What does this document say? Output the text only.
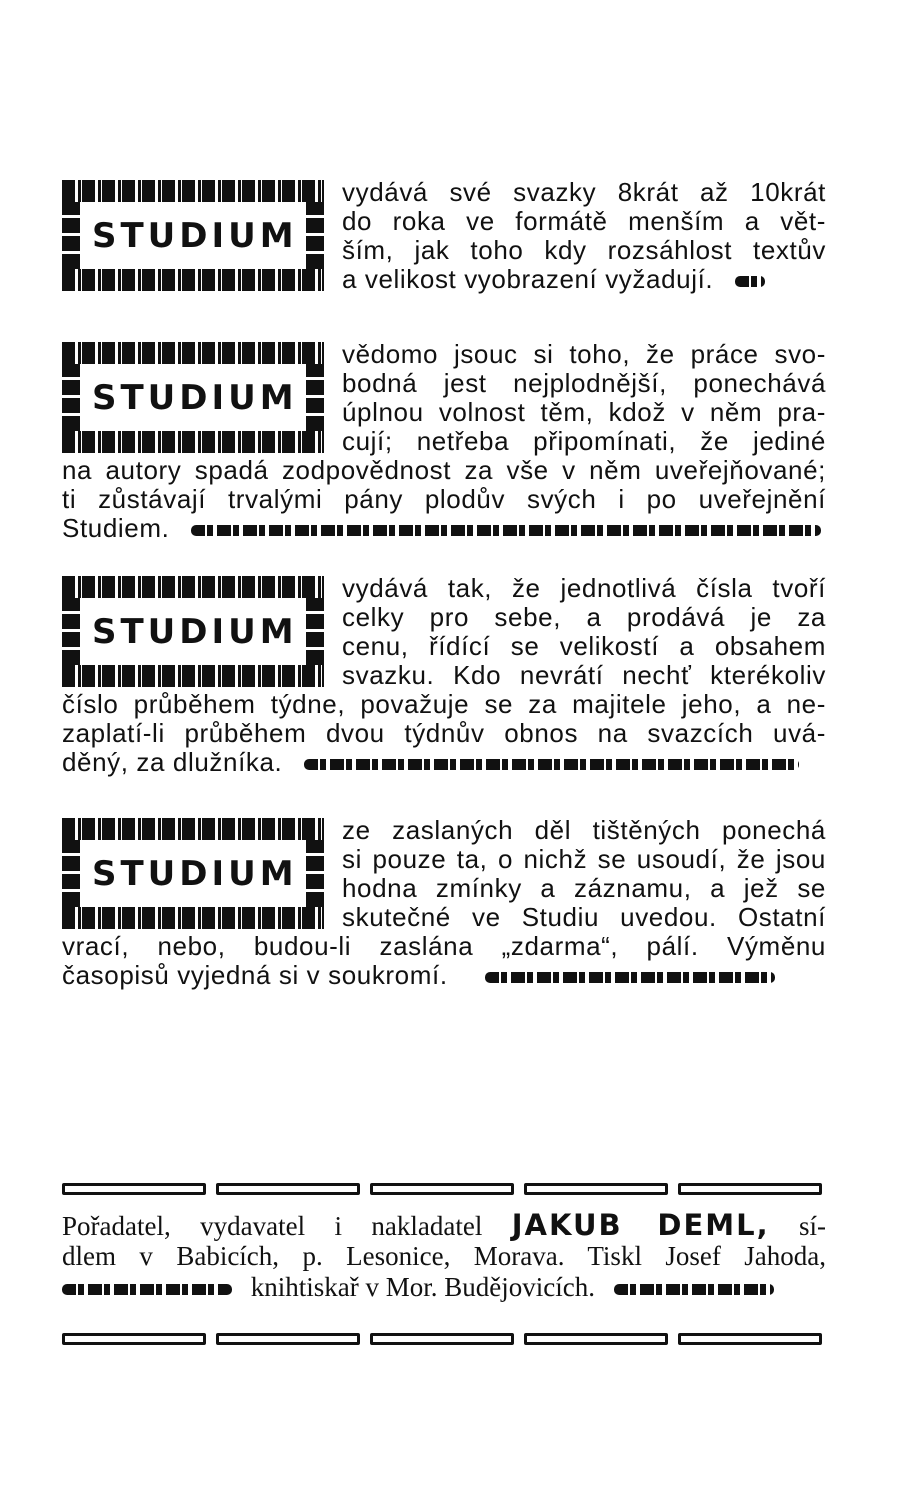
STUDIUM
vydává své svazky 8krát až 10krát
do roka ve formátě menším a vět-
ším, jak toho kdy rozsáhlost textův
a velikost vyobrazení vyžadují.
STUDIUM
vědomo jsouc si toho, že práce svo-
bodná jest nejplodnější, ponechává
úplnou volnost těm, kdož v něm pra-
cují; netřeba připomínati, že jediné
na autory spadá zodpovědnost za vše v něm uveřejňované;
ti zůstávají trvalými pány plodův svých i po uveřejnění
Studiem.
STUDIUM
vydává tak, že jednotlivá čísla tvoří
celky pro sebe, a prodává je za
cenu, řídící se velikostí a obsahem
svazku. Kdo nevrátí nechť kterékoliv
číslo průběhem týdne, považuje se za majitele jeho, a ne-
zaplatí-li průběhem dvou týdnův obnos na svazcích uvá-
děný, za dlužníka.
STUDIUM
ze zaslaných děl tištěných ponechá
si pouze ta, o nichž se usoudí, že jsou
hodna zmínky a záznamu, a jež se
skutečné ve Studiu uvedou. Ostatní
vrací, nebo, budou-li zaslána „zdarma“, pálí. Výměnu
časopisů vyjedná si v soukromí.
Pořadatel, vydavatel i nakladatel JAKUB DEML, sí-
dlem v Babicích, p. Lesonice, Morava. Tiskl Josef Jahoda,
knihtiskař v Mor. Budějovicích.
